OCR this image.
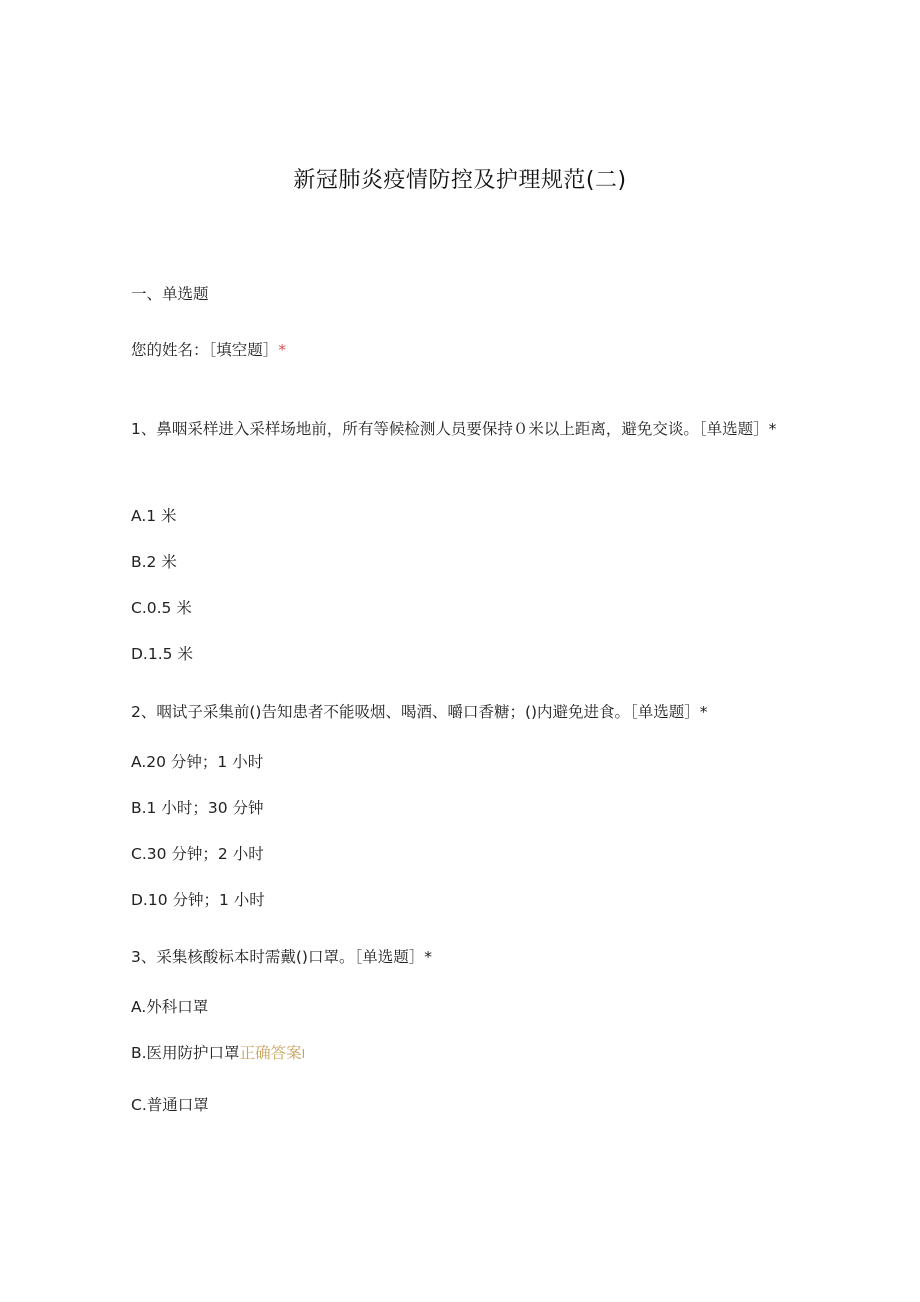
新冠肺炎疫情防控及护理规范(二)
一、单选题
您的姓名：［填空题］*
1、鼻咽采样进入采样场地前，所有等候检测人员要保持０米以上距离，避免交谈。［单选题］*
A.1 米
B.2 米
C.0.5 米
D.1.5 米
2、咽试子采集前()告知患者不能吸烟、喝酒、嚼口香糖；()内避免进食。［单选题］*
A.20 分钟；1 小时
B.1 小时；30 分钟
C.30 分钟；2 小时
D.10 分钟；1 小时
3、采集核酸标本时需戴()口罩。［单选题］*
A.外科口罩
B.医用防护口罩正确答案I
C.普通口罩
